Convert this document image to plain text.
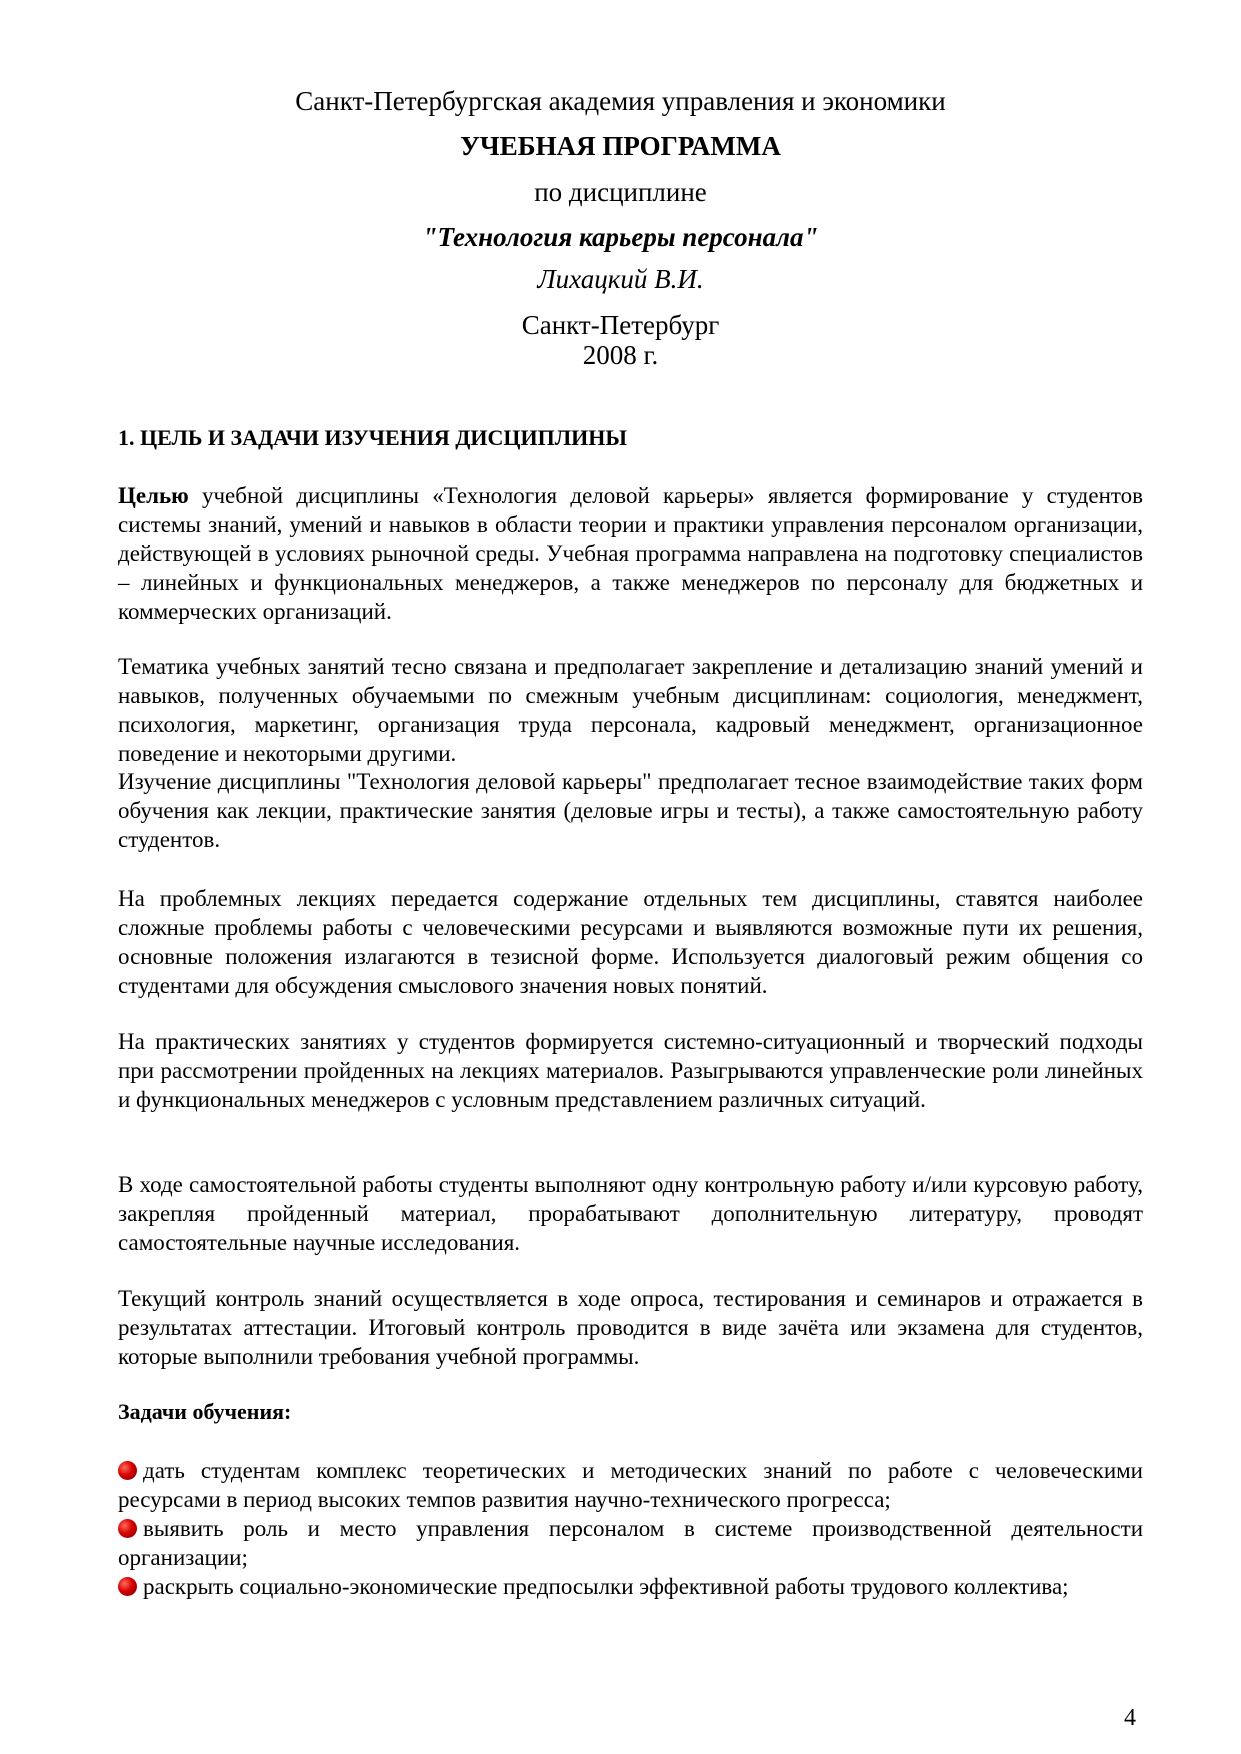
Санкт-Петербургская академия управления и экономики
УЧЕБНАЯ ПРОГРАММА
по дисциплине
"Технология карьеры персонала"
Лихацкий В.И.
Санкт-Петербург
2008 г.
1. ЦЕЛЬ И ЗАДАЧИ ИЗУЧЕНИЯ ДИСЦИПЛИНЫ
Целью учебной дисциплины «Технология деловой карьеры» является формирование у студентов системы знаний, умений и навыков в области теории и практики управления персоналом организации, действующей в условиях рыночной среды. Учебная программа направлена на подготовку специалистов – линейных и функциональных менеджеров, а также менеджеров по персоналу для бюджетных и коммерческих организаций.
Тематика учебных занятий тесно связана и предполагает закрепление и детализацию знаний умений и навыков, полученных обучаемыми по смежным учебным дисциплинам: социология, менеджмент, психология, маркетинг, организация труда персонала, кадровый менеджмент, организационное поведение и некоторыми другими.
Изучение дисциплины "Технология деловой карьеры" предполагает тесное взаимодействие таких форм обучения как лекции, практические занятия (деловые игры и тесты), а также самостоятельную работу студентов.
На проблемных лекциях передается содержание отдельных тем дисциплины, ставятся наиболее сложные проблемы работы с человеческими ресурсами и выявляются возможные пути их решения, основные положения излагаются в тезисной форме. Используется диалоговый режим общения со студентами для обсуждения смыслового значения новых понятий.
На практических занятиях у студентов формируется системно-ситуационный и творческий подходы при рассмотрении пройденных на лекциях материалов. Разыгрываются управленческие роли линейных и функциональных менеджеров с условным представлением различных ситуаций.
В ходе самостоятельной работы студенты выполняют одну контрольную работу и/или курсовую работу, закрепляя пройденный материал, прорабатывают дополнительную литературу, проводят самостоятельные научные исследования.
Текущий контроль знаний осуществляется в ходе опроса, тестирования и семинаров и отражается в результатах аттестации. Итоговый контроль проводится в виде зачёта или экзамена для студентов, которые выполнили требования учебной программы.
Задачи обучения:
дать студентам комплекс теоретических и методических знаний по работе с человеческими ресурсами в период высоких темпов развития научно-технического прогресса;
выявить роль и место управления персоналом в системе производственной деятельности организации;
раскрыть социально-экономические предпосылки эффективной работы трудового коллектива;
4
